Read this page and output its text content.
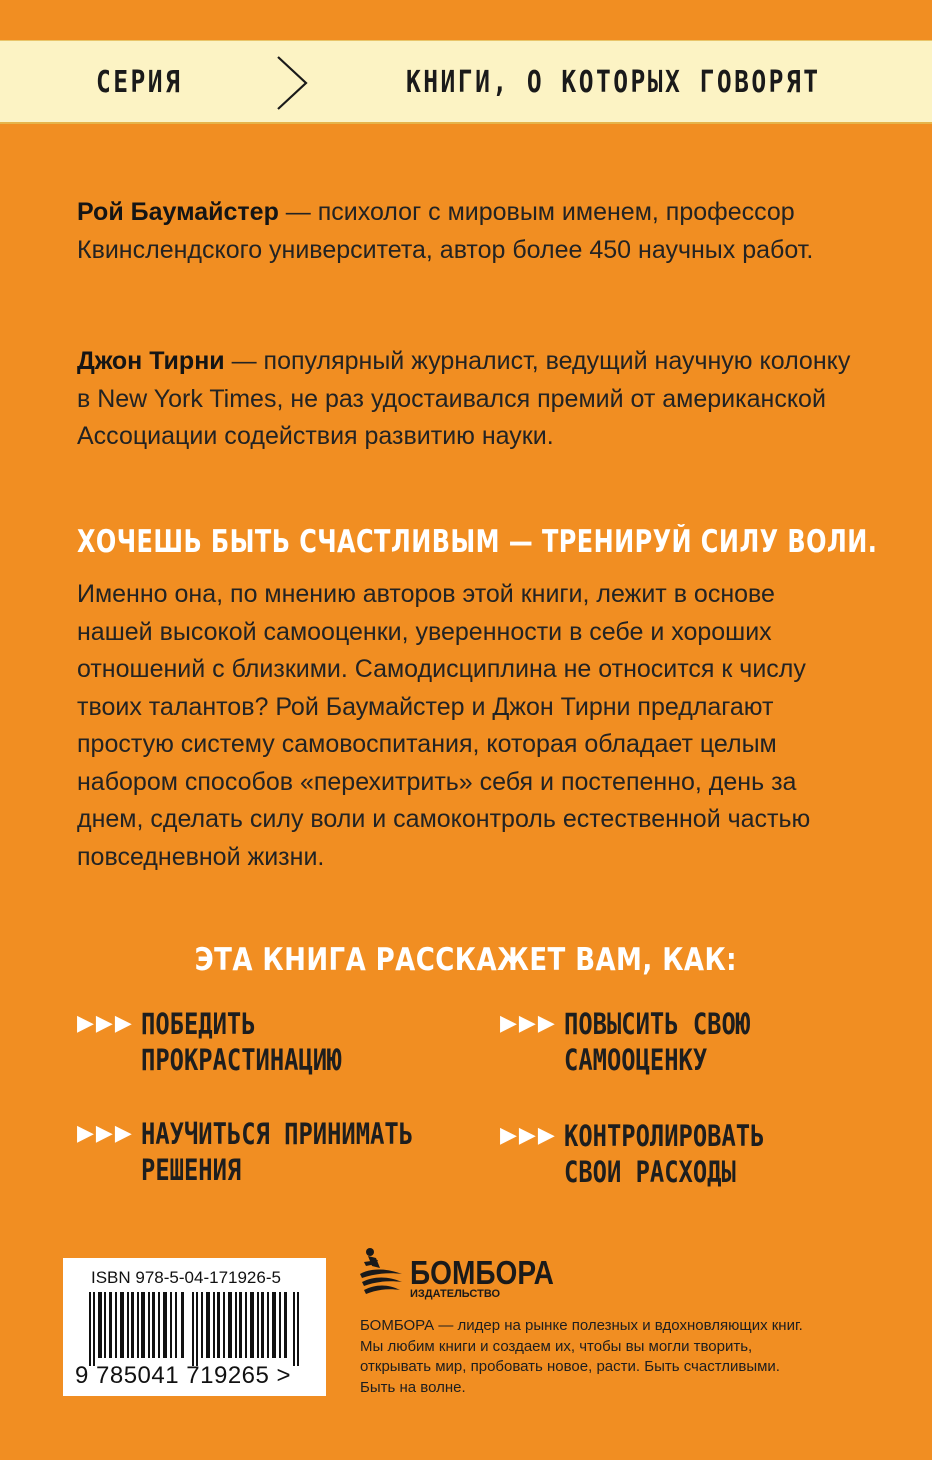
СЕРИЯ	КНИГИ, О КОТОРЫХ ГОВОРЯТ

Рой Баумайстер — психолог с мировым именем, профессор Квинслендского университета, автор более 450 научных работ.

Джон Тирни — популярный журналист, ведущий научную колонку в New York Times, не раз удостаивался премий от американской Ассоциации содействия развитию науки.

ХОЧЕШЬ БЫТЬ СЧАСТЛИВЫМ — ТРЕНИРУЙ СИЛУ ВОЛИ.

Именно она, по мнению авторов этой книги, лежит в основе нашей высокой самооценки, уверенности в себе и хороших отношений с близкими. Самодисциплина не относится к числу твоих талантов? Рой Баумайстер и Джон Тирни предлагают простую систему самовоспитания, которая обладает целым набором способов «перехитрить» себя и постепенно, день за днем, сделать силу воли и самоконтроль естественной частью повседневной жизни.

ЭТА КНИГА РАССКАЖЕТ ВАМ, КАК:
▶▶▶ ПОБЕДИТЬ ПРОКРАСТИНАЦИЮ
▶▶▶ ПОВЫСИТЬ СВОЮ САМООЦЕНКУ
▶▶▶ НАУЧИТЬСЯ ПРИНИМАТЬ РЕШЕНИЯ
▶▶▶ КОНТРОЛИРОВАТЬ СВОИ РАСХОДЫ
ISBN 978-5-04-171926-5
9 785041 719265 >
БОМБОРА
ИЗДАТЕЛЬСТВО

БОМБОРА — лидер на рынке полезных и вдохновляющих книг. Мы любим книги и создаем их, чтобы вы могли творить, открывать мир, пробовать новое, расти. Быть счастливыми. Быть на волне.
